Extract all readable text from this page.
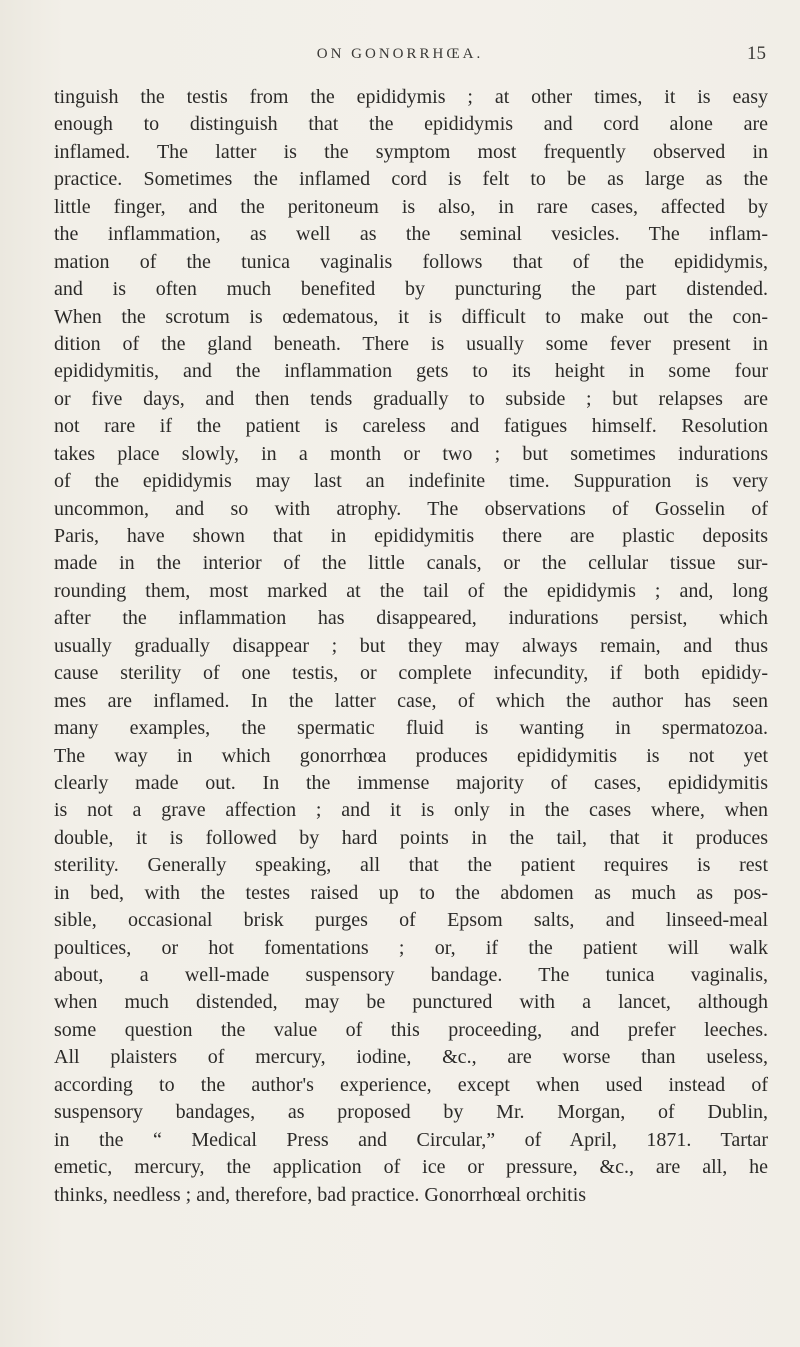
ON GONORRHŒA.	15
tinguish the testis from the epididymis ; at other times, it is easy
enough to distinguish that the epididymis and cord alone are
inflamed. The latter is the symptom most frequently observed in
practice. Sometimes the inflamed cord is felt to be as large as the
little finger, and the peritoneum is also, in rare cases, affected by
the inflammation, as well as the seminal vesicles. The inflam-
mation of the tunica vaginalis follows that of the epididymis,
and is often much benefited by puncturing the part distended.
When the scrotum is œdematous, it is difficult to make out the con-
dition of the gland beneath. There is usually some fever present in
epididymitis, and the inflammation gets to its height in some four
or five days, and then tends gradually to subside ; but relapses are
not rare if the patient is careless and fatigues himself. Resolution
takes place slowly, in a month or two ; but sometimes indurations
of the epididymis may last an indefinite time. Suppuration is very
uncommon, and so with atrophy. The observations of Gosselin of
Paris, have shown that in epididymitis there are plastic deposits
made in the interior of the little canals, or the cellular tissue sur-
rounding them, most marked at the tail of the epididymis ; and, long
after the inflammation has disappeared, indurations persist, which
usually gradually disappear ; but they may always remain, and thus
cause sterility of one testis, or complete infecundity, if both epididy-
mes are inflamed. In the latter case, of which the author has seen
many examples, the spermatic fluid is wanting in spermatozoa.
The way in which gonorrhœa produces epididymitis is not yet
clearly made out. In the immense majority of cases, epididymitis
is not a grave affection ; and it is only in the cases where, when
double, it is followed by hard points in the tail, that it produces
sterility. Generally speaking, all that the patient requires is rest
in bed, with the testes raised up to the abdomen as much as pos-
sible, occasional brisk purges of Epsom salts, and linseed-meal
poultices, or hot fomentations ; or, if the patient will walk
about, a well-made suspensory bandage. The tunica vaginalis,
when much distended, may be punctured with a lancet, although
some question the value of this proceeding, and prefer leeches.
All plaisters of mercury, iodine, &c., are worse than useless,
according to the author's experience, except when used instead of
suspensory bandages, as proposed by Mr. Morgan, of Dublin,
in the “ Medical Press and Circular,” of April, 1871. Tartar
emetic, mercury, the application of ice or pressure, &c., are all, he
thinks, needless ; and, therefore, bad practice. Gonorrhœal orchitis
